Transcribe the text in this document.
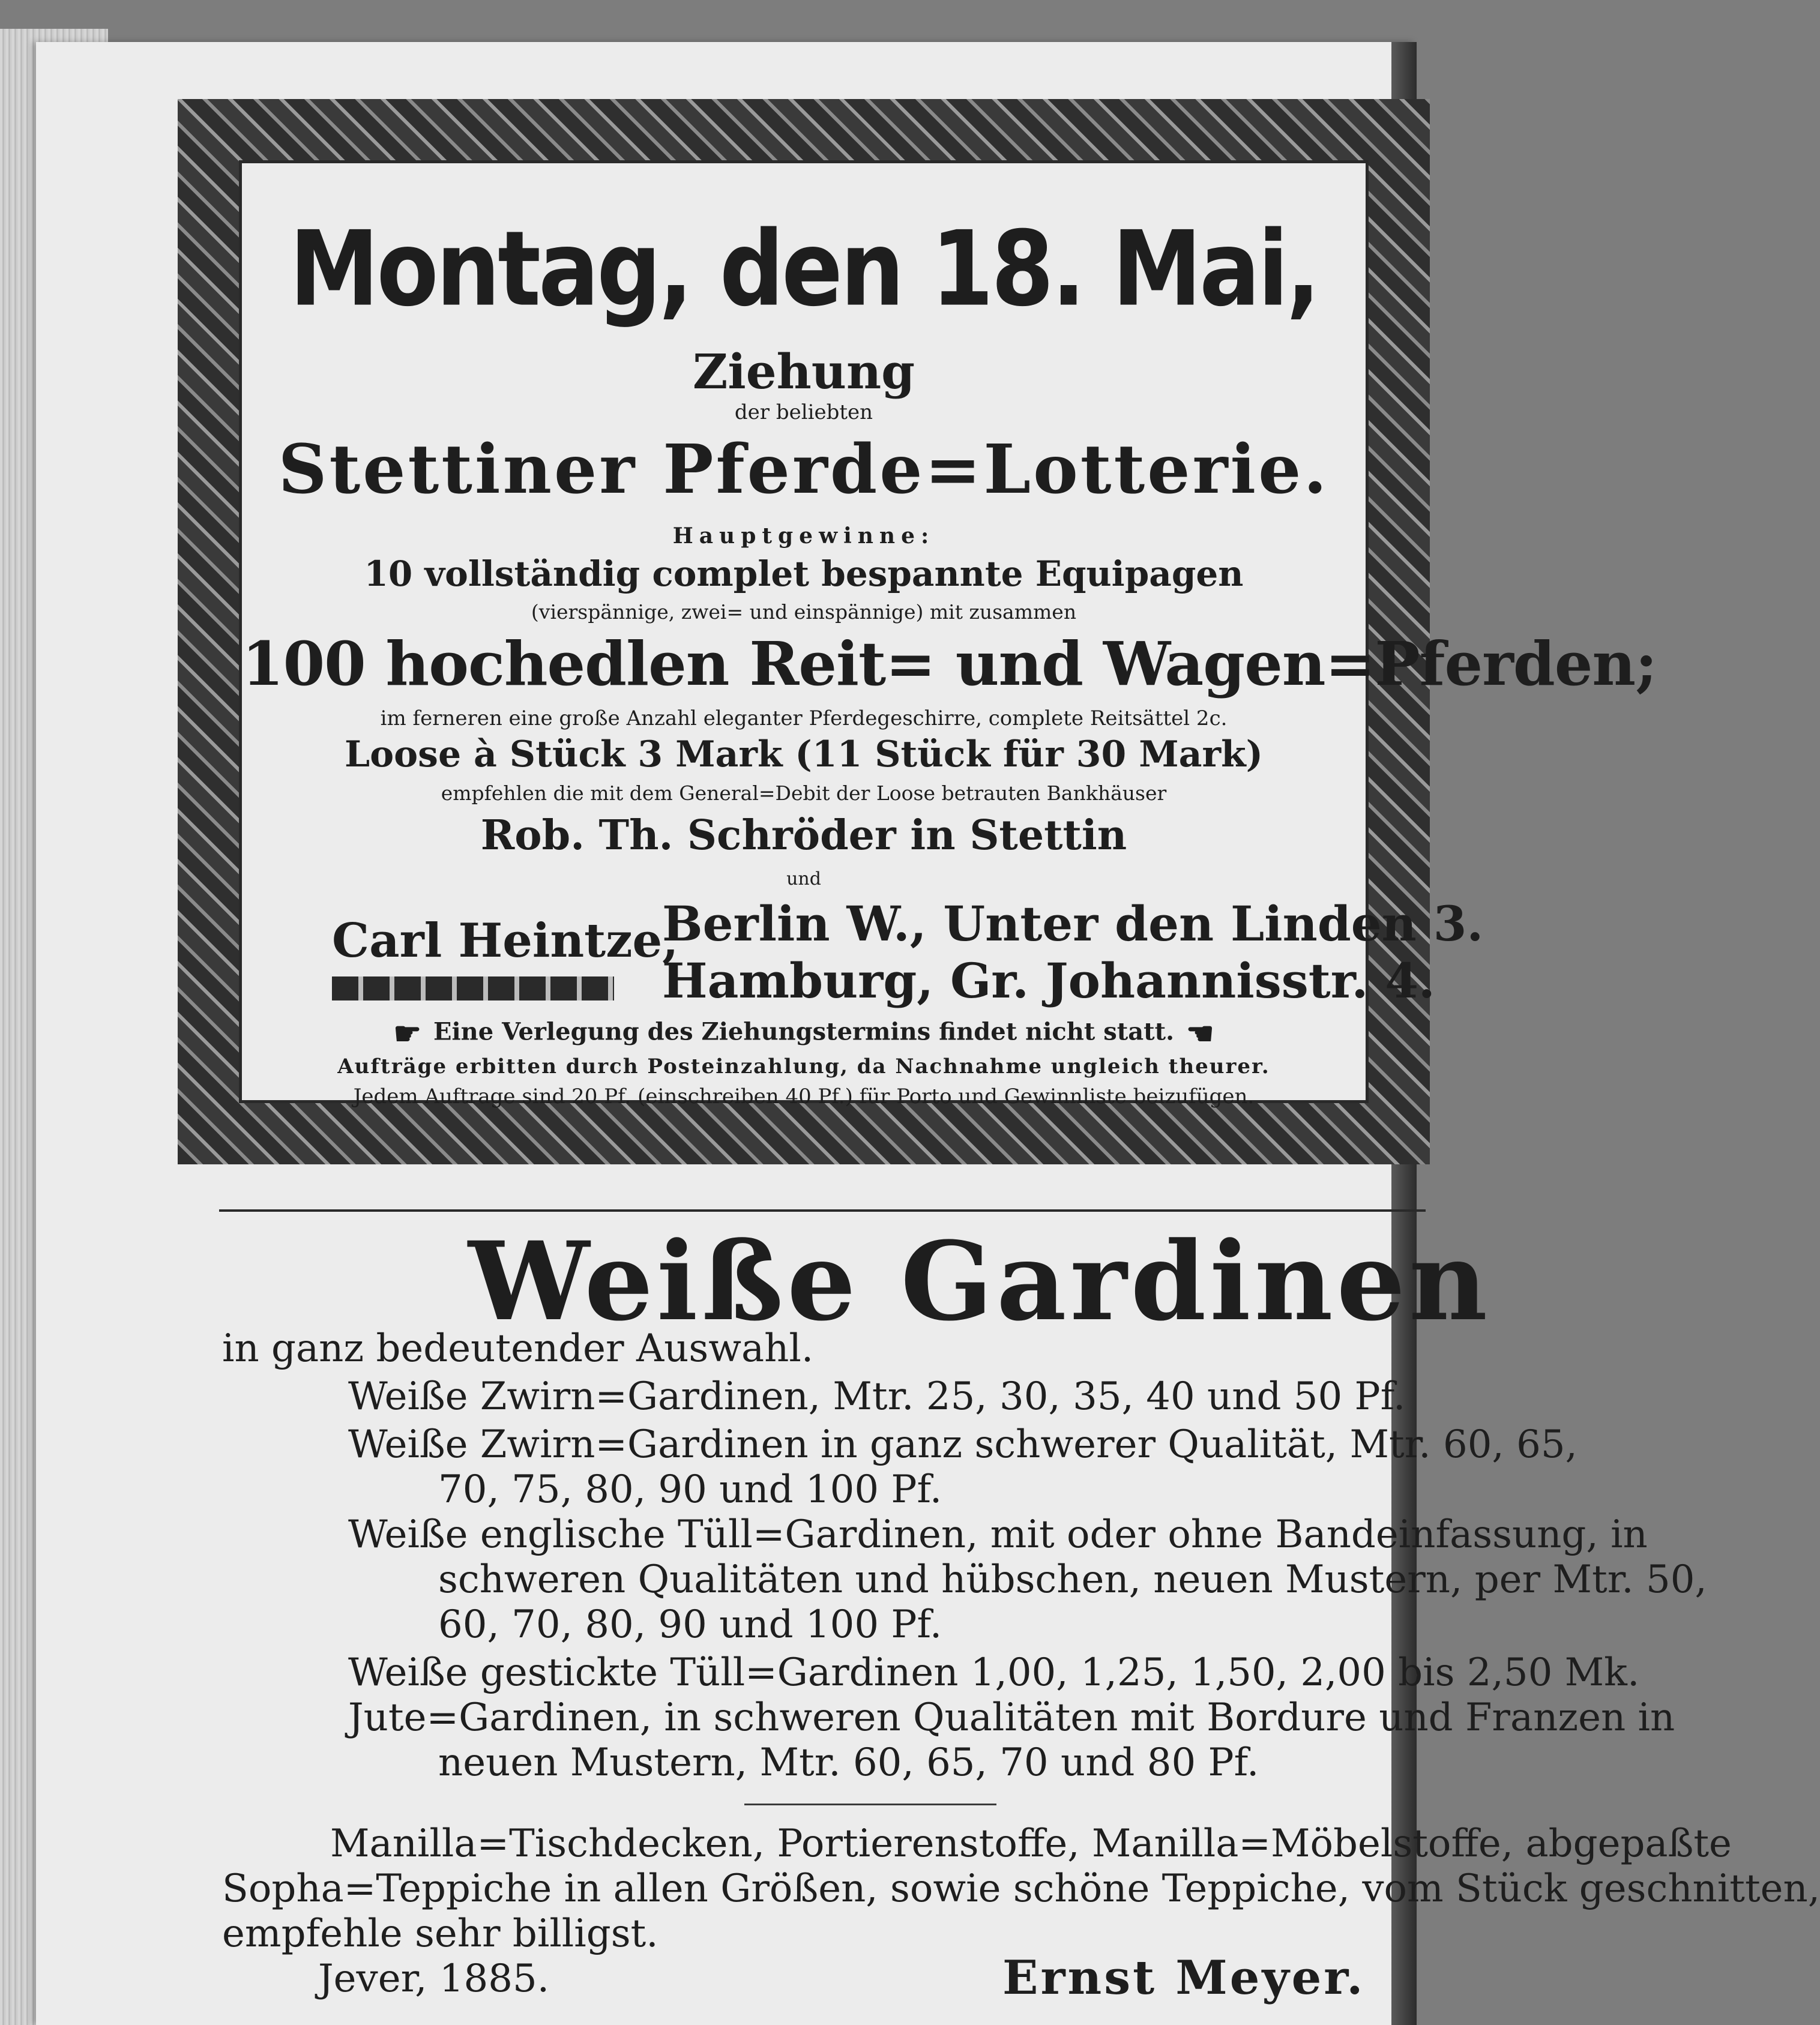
Montag, den 18. Mai,
Ziehung
der beliebten
Stettiner Pferde=Lotterie.
Hauptgewinne:
10 vollständig complet bespannte Equipagen
(vierspännige, zwei= und einspännige) mit zusammen
100 hochedlen Reit= und Wagen=Pferden;
im ferneren eine große Anzahl eleganter Pferdegeschirre, complete Reitsättel 2c.
Loose à Stück 3 Mark (11 Stück für 30 Mark)
empfehlen die mit dem General=Debit der Loose betrauten Bankhäuser
Rob. Th. Schröder in Stettin
und
Carl Heintze,
Berlin W., Unter den Linden 3.
Hamburg, Gr. Johannisstr. 4.
☛ Eine Verlegung des Ziehungstermins findet nicht statt. ☚
Aufträge erbitten durch Posteinzahlung, da Nachnahme ungleich theurer.
Jedem Auftrage sind 20 Pf. (einschreiben 40 Pf.) für Porto und Gewinnliste beizufügen.
Weiße Gardinen
in ganz bedeutender Auswahl.
Weiße Zwirn=Gardinen, Mtr. 25, 30, 35, 40 und 50 Pf.
Weiße Zwirn=Gardinen in ganz schwerer Qualität, Mtr. 60, 65,
70, 75, 80, 90 und 100 Pf.
Weiße englische Tüll=Gardinen, mit oder ohne Bandeinfassung, in
schweren Qualitäten und hübschen, neuen Mustern, per Mtr. 50,
60, 70, 80, 90 und 100 Pf.
Weiße gestickte Tüll=Gardinen 1,00, 1,25, 1,50, 2,00 bis 2,50 Mk.
Jute=Gardinen, in schweren Qualitäten mit Bordure und Franzen in
neuen Mustern, Mtr. 60, 65, 70 und 80 Pf.
Manilla=Tischdecken, Portierenstoffe, Manilla=Möbelstoffe, abgepaßte
Sopha=Teppiche in allen Größen, sowie schöne Teppiche, vom Stück geschnitten,
empfehle sehr billigst.
Jever, 1885.	Ernst Meyer.
